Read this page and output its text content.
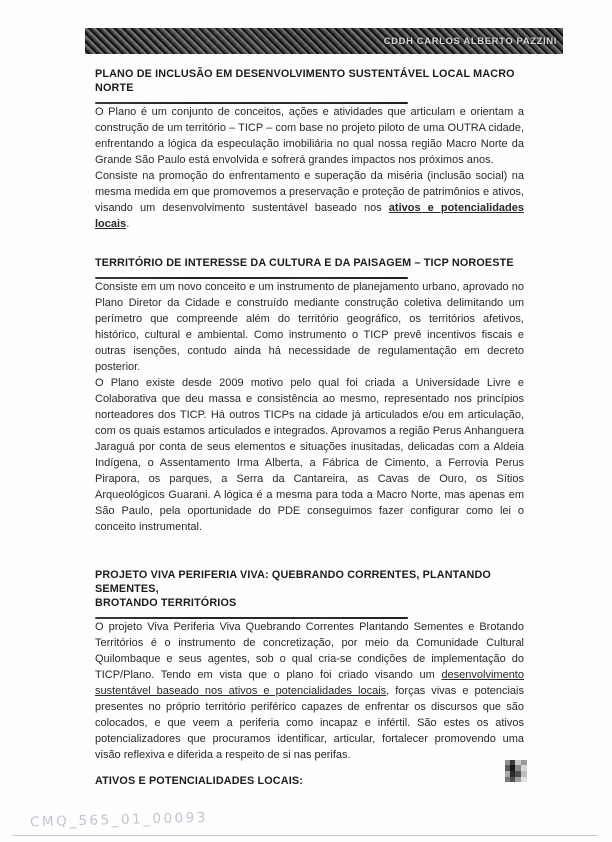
CDDH CARLOS ALBERTO PAZZINI
PLANO DE INCLUSÃO EM DESENVOLVIMENTO SUSTENTÁVEL LOCAL MACRO NORTE

O Plano é um conjunto de conceitos, ações e atividades que articulam e orientam a construção de um território – TICP – com base no projeto piloto de uma OUTRA cidade, enfrentando a lógica da especulação imobiliária no qual nossa região Macro Norte da Grande São Paulo está envolvida e sofrerá grandes impactos nos próximos anos.

Consiste na promoção do enfrentamento e superação da miséria (inclusão social) na mesma medida em que promovemos a preservação e proteção de patrimônios e ativos, visando um desenvolvimento sustentável baseado nos ativos e potencialidades locais.

TERRITÓRIO DE INTERESSE DA CULTURA E DA PAISAGEM – TICP NOROESTE

Consiste em um novo conceito e um instrumento de planejamento urbano, aprovado no Plano Diretor da Cidade e construído mediante construção coletiva delimitando um perímetro que compreende além do território geográfico, os territórios afetivos, histórico, cultural e ambiental. Como instrumento o TICP prevê incentivos fiscais e outras isenções, contudo ainda há necessidade de regulamentação em decreto posterior.

O Plano existe desde 2009 motivo pelo qual foi criada a Universidade Livre e Colaborativa que deu massa e consistência ao mesmo, representado nos princípios norteadores dos TICP. Há outros TICPs na cidade já articulados e/ou em articulação, com os quais estamos articulados e integrados. Aprovamos a região Perus Anhanguera Jaraguá por conta de seus elementos e situações inusitadas, delicadas com a Aldeia Indígena, o Assentamento Irma Alberta, a Fábrica de Cimento, a Ferrovia Perus Pirapora, os parques, a Serra da Cantareira, as Cavas de Ouro, os Sítios Arqueológicos Guarani. A lógica é a mesma para toda a Macro Norte, mas apenas em São Paulo, pela oportunidade do PDE conseguimos fazer configurar como lei o conceito instrumental.

PROJETO VIVA PERIFERIA VIVA: QUEBRANDO CORRENTES, PLANTANDO SEMENTES,
BROTANDO TERRITÓRIOS

O projeto Viva Periferia Viva Quebrando Correntes Plantando Sementes e Brotando Territórios é o instrumento de concretização, por meio da Comunidade Cultural Quilombaque e seus agentes, sob o qual cria-se condições de implementação do TICP/Plano. Tendo em vista que o plano foi criado visando um desenvolvimento sustentável baseado nos ativos e potencialidades locais, forças vivas e potenciais presentes no próprio território periférico capazes de enfrentar os discursos que são colocados, e que veem a periferia como incapaz e infértil. São estes os ativos potencializadores que procuramos identificar, articular, fortalecer promovendo uma visão reflexiva e diferida a respeito de si nas perifas.

ATIVOS E POTENCIALIDADES LOCAIS:
CMQ_565_01_00093
